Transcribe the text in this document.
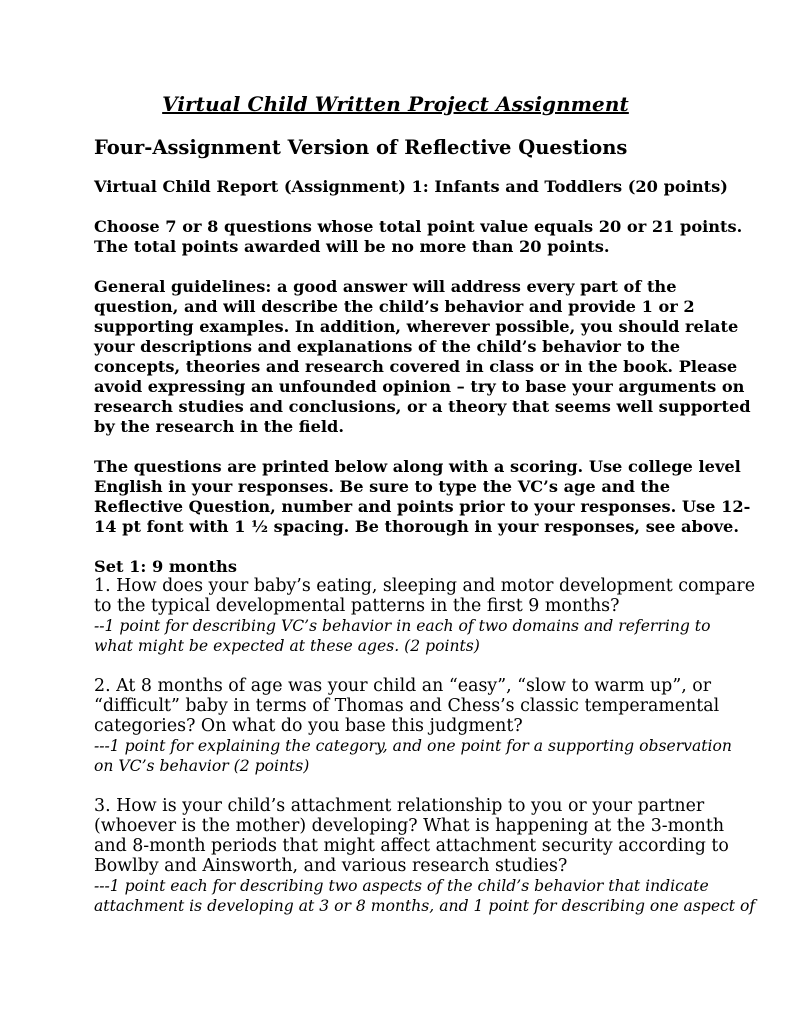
Virtual Child Written Project Assignment
Four-Assignment Version of Reflective Questions
Virtual Child Report (Assignment) 1: Infants and Toddlers (20 points)
Choose 7 or 8 questions whose total point value equals 20 or 21 points.
The total points awarded will be no more than 20 points.
General guidelines: a good answer will address every part of the
question, and will describe the child’s behavior and provide 1 or 2
supporting examples. In addition, wherever possible, you should relate
your descriptions and explanations of the child’s behavior to the
concepts, theories and research covered in class or in the book. Please
avoid expressing an unfounded opinion – try to base your arguments on
research studies and conclusions, or a theory that seems well supported
by the research in the field.
The questions are printed below along with a scoring. Use college level
English in your responses. Be sure to type the VC’s age and the
Reflective Question, number and points prior to your responses. Use 12-
14 pt font with 1 ½ spacing. Be thorough in your responses, see above.
Set 1: 9 months
1. How does your baby’s eating, sleeping and motor development compare
to the typical developmental patterns in the first 9 months?
--1 point for describing VC’s behavior in each of two domains and referring to
what might be expected at these ages. (2 points)
2. At 8 months of age was your child an “easy”, “slow to warm up”, or
“difficult” baby in terms of Thomas and Chess’s classic temperamental
categories? On what do you base this judgment?
---1 point for explaining the category, and one point for a supporting observation
on VC’s behavior (2 points)
3. How is your child’s attachment relationship to you or your partner
(whoever is the mother) developing? What is happening at the 3-month
and 8-month periods that might affect attachment security according to
Bowlby and Ainsworth, and various research studies?
---1 point each for describing two aspects of the child’s behavior that indicate
attachment is developing at 3 or 8 months, and 1 point for describing one aspect of
